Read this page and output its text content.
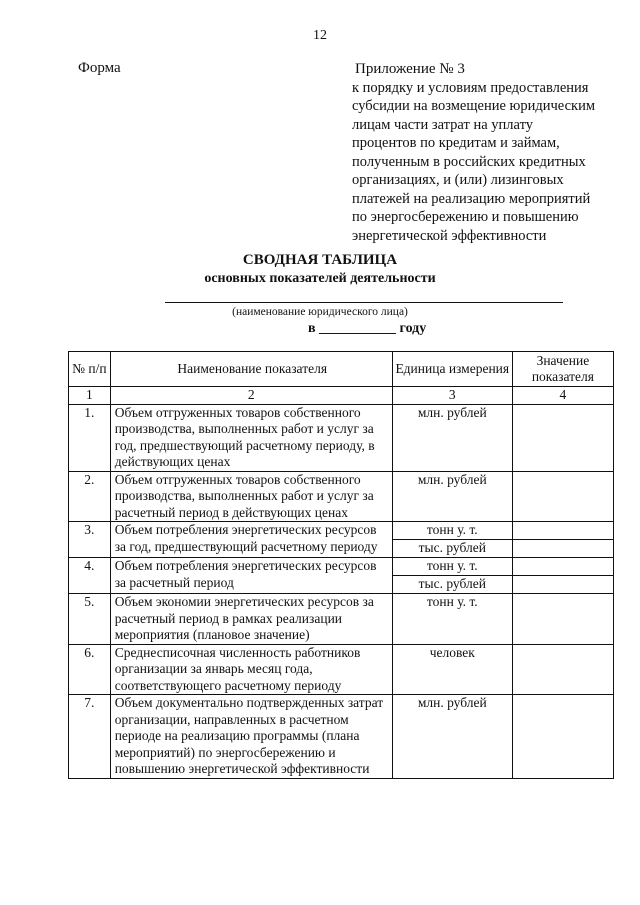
12
Форма	Приложение № 3
к порядку и условиям предоставления
субсидии на возмещение юридическим
лицам части затрат на уплату
процентов по кредитам и займам,
полученным в российских кредитных
организациях, и (или) лизинговых
платежей на реализацию мероприятий
по энергосбережению и повышению
энергетической эффективности
СВОДНАЯ ТАБЛИЦА
основных показателей деятельности
(наименование юридического лица)
в ___________ году
№ п/п	Наименование показателя	Единица измерения	Значение показателя
1	2	3	4
1.	Объем отгруженных товаров собственного производства, выполненных работ и услуг за год, предшествующий расчетному периоду, в действующих ценах	млн. рублей	
2.	Объем отгруженных товаров собственного производства, выполненных работ и услуг за расчетный период в действующих ценах	млн. рублей	
3.	Объем потребления энергетических ресурсов за год, предшествующий расчетному периоду	тонн у. т.	
		тыс. рублей	
4.	Объем потребления энергетических ресурсов за расчетный период	тонн у. т.	
		тыс. рублей	
5.	Объем экономии энергетических ресурсов за расчетный период в рамках реализации мероприятия (плановое значение)	тонн у. т.	
6.	Среднесписочная численность работников организации за январь месяц года, соответствующего расчетному периоду	человек	
7.	Объем документально подтвержденных затрат организации, направленных в расчетном периоде на реализацию программы (плана мероприятий) по энергосбережению и повышению энергетической эффективности	млн. рублей	
